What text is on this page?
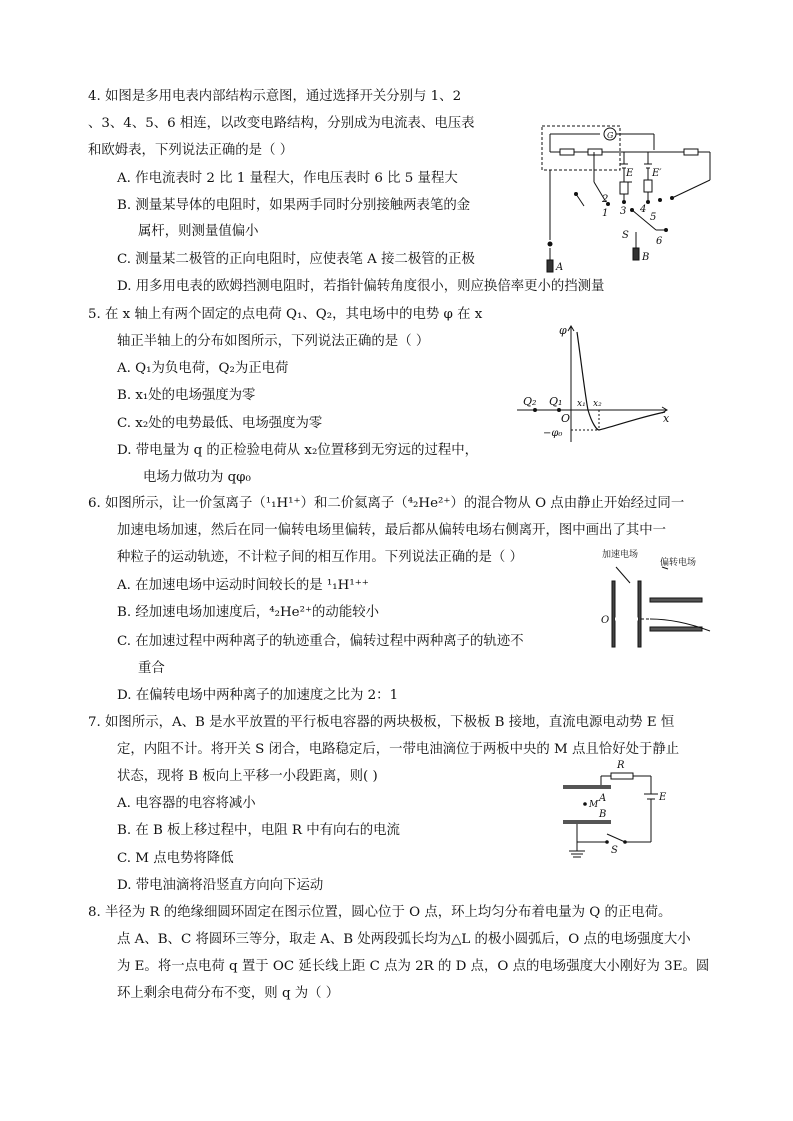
4. 如图是多用电表内部结构示意图，通过选择开关分别与 1、2
、3、4、5、6 相连，以改变电路结构，分别成为电流表、电压表
和欧姆表，下列说法正确的是（ ）
A. 作电流表时 2 比 1 量程大，作电压表时 6 比 5 量程大
B. 测量某导体的电阻时，如果两手同时分别接触两表笔的金
属杆，则测量值偏小
C. 测量某二极管的正向电阻时，应使表笔 A 接二极管的正极
D. 用多用电表的欧姆挡测电阻时，若指针偏转角度很小，则应换倍率更小的挡测量
G
E E′
1
2
3 4
5
6
S
A
B
5. 在 x 轴上有两个固定的点电荷 Q₁、Q₂，其电场中的电势 φ 在 x
轴正半轴上的分布如图所示，下列说法正确的是（ ）
A. Q₁为负电荷，Q₂为正电荷
B. x₁处的电场强度为零
C. x₂处的电势最低、电场强度为零
D. 带电量为 q 的正检验电荷从 x₂位置移到无穷远的过程中，
电场力做功为 qφ₀
φ
Q₂ Q₁
O
x₁ x₂
x
−φ₀
6. 如图所示，让一价氢离子（¹₁H¹⁺）和二价氦离子（⁴₂He²⁺）的混合物从 O 点由静止开始经过同一
加速电场加速，然后在同一偏转电场里偏转，最后都从偏转电场右侧离开，图中画出了其中一
种粒子的运动轨迹，不计粒子间的相互作用。下列说法正确的是（ ）
A. 在加速电场中运动时间较长的是 ¹₁H¹⁺⁺
B. 经加速电场加速度后，⁴₂He²⁺的动能较小
C. 在加速过程中两种离子的轨迹重合，偏转过程中两种离子的轨迹不
重合
D. 在偏转电场中两种离子的加速度之比为 2：1
加速电场
偏转电场
O
7. 如图所示，A、B 是水平放置的平行板电容器的两块极板，下极板 B 接地，直流电源电动势 E 恒
定，内阻不计。将开关 S 闭合，电路稳定后，一带电油滴位于两板中央的 M 点且恰好处于静止
状态，现将 B 板向上平移一小段距离，则( )
A. 电容器的电容将减小
B. 在 B 板上移过程中，电阻 R 中有向右的电流
C. M 点电势将降低
D. 带电油滴将沿竖直方向向下运动
R
A
M
B
E
S
8. 半径为 R 的绝缘细圆环固定在图示位置，圆心位于 O 点，环上均匀分布着电量为 Q 的正电荷。
点 A、B、C 将圆环三等分，取走 A、B 处两段弧长均为△L 的极小圆弧后，O 点的电场强度大小
为 E。将一点电荷 q 置于 OC 延长线上距 C 点为 2R 的 D 点，O 点的电场强度大小刚好为 3E。圆
环上剩余电荷分布不变，则 q 为（ ）
